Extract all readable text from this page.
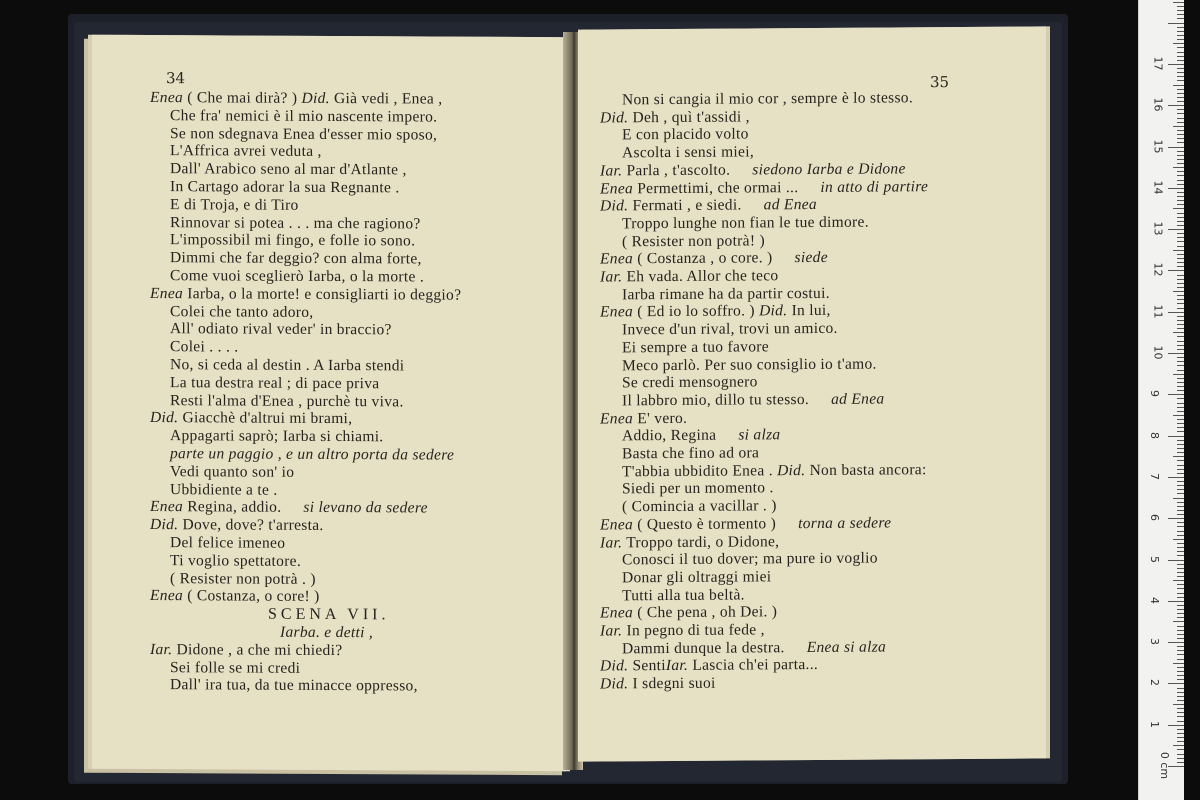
34
Enea ( Che mai dirà? ) Did. Già vedi , Enea ,
Che fra' nemici è il mio nascente impero.
Se non sdegnava Enea d'esser mio sposo,
L'Affrica avrei veduta ,
Dall' Arabico seno al mar d'Atlante ,
In Cartago adorar la sua Regnante .
E di Troja, e di Tiro
Rinnovar si potea . . . ma che ragiono?
L'impossibil mi fingo, e folle io sono.
Dimmi che far deggio? con alma forte,
Come vuoi sceglierò Iarba, o la morte .
Enea Iarba, o la morte! e consigliarti io deggio?
Colei che tanto adoro,
All' odiato rival veder' in braccio?
Colei . . . .
No, si ceda al destin . A Iarba stendi
La tua destra real ; di pace priva
Resti l'alma d'Enea , purchè tu viva.
Did. Giacchè d'altrui mi brami,
Appagarti saprò; Iarba si chiami.
parte un paggio , e un altro porta da sedere
Vedi quanto son' io
Ubbidiente a te .
Enea Regina, addio. si levano da sedere
Did. Dove, dove? t'arresta.
Del felice imeneo
Ti voglio spettatore.
( Resister non potrà . )
Enea ( Costanza, o core! )
SCENA VII.
Iarba. e detti ,
Iar. Didone , a che mi chiedi?
Sei folle se mi credi
Dall' ira tua, da tue minacce oppresso,
35
Non si cangia il mio cor , sempre è lo stesso.
Did. Deh , quì t'assidi ,
E con placido volto
Ascolta i sensi miei,
Iar. Parla , t'ascolto. siedono Iarba e Didone
Enea Permettimi, che ormai ... in atto di partire
Did. Fermati , e siedi. ad Enea
Troppo lunghe non fian le tue dimore.
( Resister non potrà! )
Enea ( Costanza , o core. ) siede
Iar. Eh vada. Allor che teco
Iarba rimane ha da partir costui.
Enea ( Ed io lo soffro. ) Did. In lui,
Invece d'un rival, trovi un amico.
Ei sempre a tuo favore
Meco parlò. Per suo consiglio io t'amo.
Se credi mensognero
Il labbro mio, dillo tu stesso. ad Enea
Enea E' vero.
Addio, Regina si alza
Basta che fino ad ora
T'abbia ubbidito Enea . Did. Non basta ancora:
Siedi per un momento .
( Comincia a vacillar . )
Enea ( Questo è tormento ) torna a sedere
Iar. Troppo tardi, o Didone,
Conosci il tuo dover; ma pure io voglio
Donar gli oltraggi miei
Tutti alla tua beltà.
Enea ( Che pena , oh Dei. )
Iar. In pegno di tua fede ,
Dammi dunque la destra. Enea si alza
Did. SentiIar. Lascia ch'ei parta...
Did. I sdegni suoi
0 cm
1
2
3
4
5
6
7
8
9
10
11
12
13
14
15
16
17
